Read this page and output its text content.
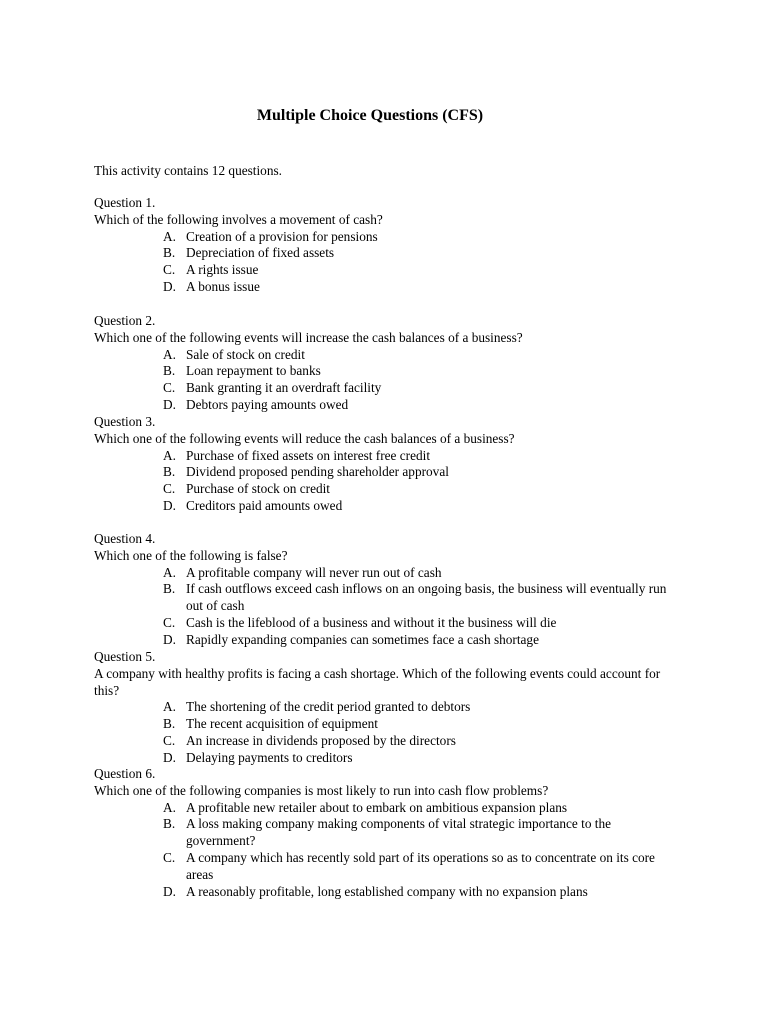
Multiple Choice Questions (CFS)

This activity contains 12 questions.

Question 1.
Which of the following involves a movement of cash?
A. Creation of a provision for pensions
B. Depreciation of fixed assets
C. A rights issue
D. A bonus issue
Question 2.
Which one of the following events will increase the cash balances of a business?
A. Sale of stock on credit
B. Loan repayment to banks
C. Bank granting it an overdraft facility
D. Debtors paying amounts owed
Question 3.
Which one of the following events will reduce the cash balances of a business?
A. Purchase of fixed assets on interest free credit
B. Dividend proposed pending shareholder approval
C. Purchase of stock on credit
D. Creditors paid amounts owed
Question 4.
Which one of the following is false?
A. A profitable company will never run out of cash
B. If cash outflows exceed cash inflows on an ongoing basis, the business will eventually run out of cash
C. Cash is the lifeblood of a business and without it the business will die
D. Rapidly expanding companies can sometimes face a cash shortage
Question 5.
A company with healthy profits is facing a cash shortage. Which of the following events could account for this?
A. The shortening of the credit period granted to debtors
B. The recent acquisition of equipment
C. An increase in dividends proposed by the directors
D. Delaying payments to creditors
Question 6.
Which one of the following companies is most likely to run into cash flow problems?
A. A profitable new retailer about to embark on ambitious expansion plans
B. A loss making company making components of vital strategic importance to the government?
C. A company which has recently sold part of its operations so as to concentrate on its core areas
D. A reasonably profitable, long established company with no expansion plans
